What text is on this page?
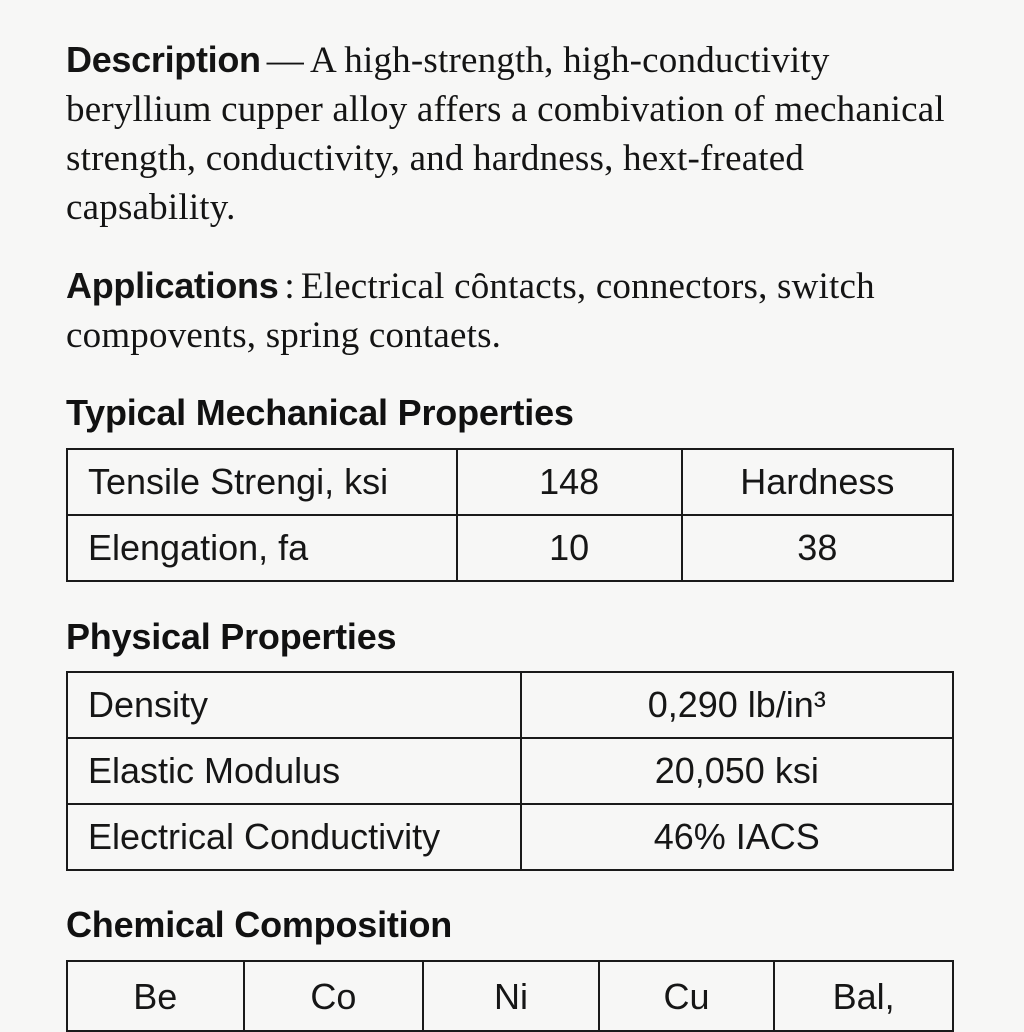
Description — A high-strength, high-conductivity beryllium cupper alloy affers a combivation of mechanical strength, conductivity, and hardness, hext-freated capsability.
Applications : Electrical cȏntacts, connectors, switch compovents, spring contaets.
Typical Mechanical Properties
Tensile Strengi, ksi	148	Hardness
Elengation, fa	10	38
Physical Properties
Density	0,290 lb/in³
Elastic Modulus	20,050 ksi
Electrical Conductivity	46% IACS
Chemical Composition
Be	Co	Ni	Cu	Bal,
